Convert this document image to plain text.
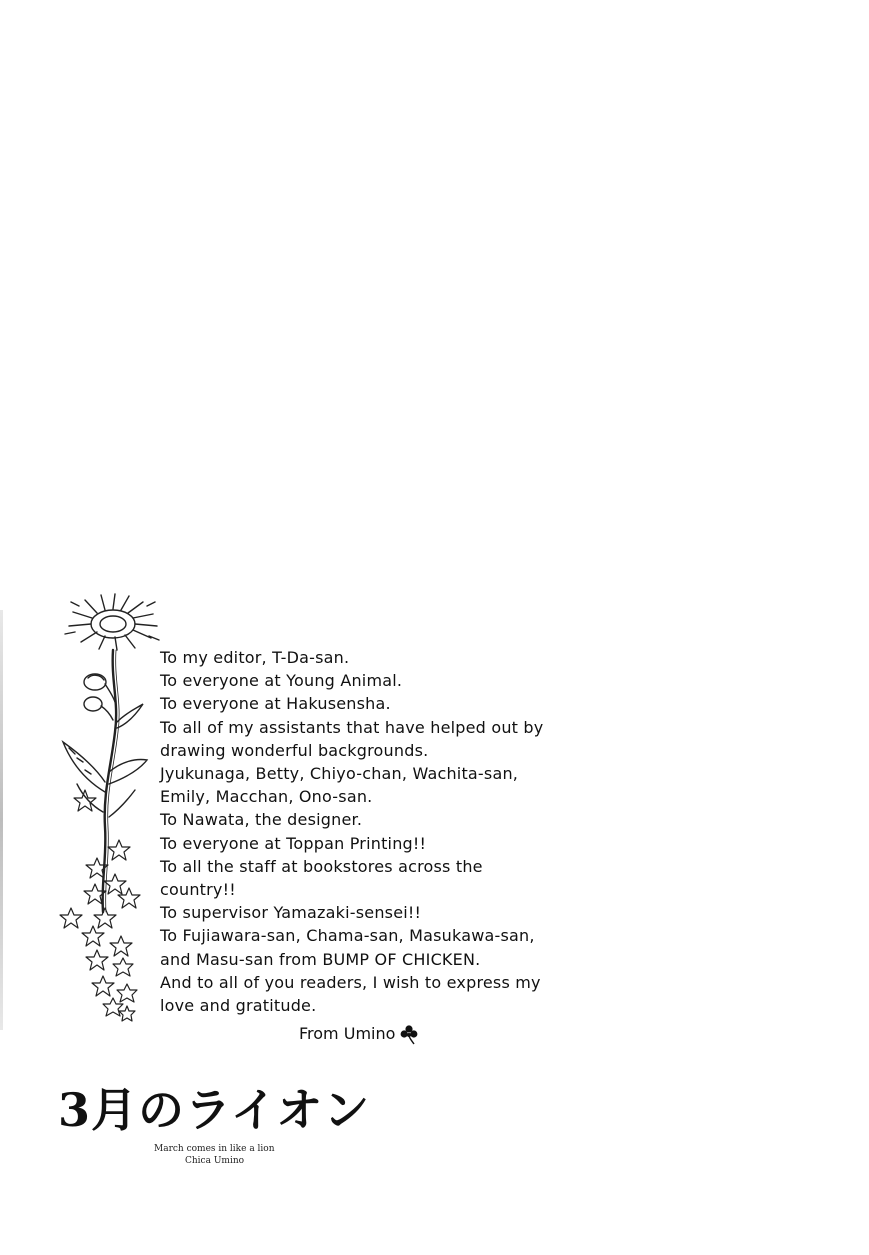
To my editor, T-Da-san.
To everyone at Young Animal.
To everyone at Hakusensha.
To all of my assistants that have helped out by
drawing wonderful backgrounds.
Jyukunaga, Betty, Chiyo-chan, Wachita-san,
Emily, Macchan, Ono-san.
To Nawata, the designer.
To everyone at Toppan Printing!!
To all the staff at bookstores across the
country!!
To supervisor Yamazaki-sensei!!
To Fujiawara-san, Chama-san, Masukawa-san,
and Masu-san from BUMP OF CHICKEN.
And to all of you readers, I wish to express my
love and gratitude.
From Umino
3月のライオン
March comes in like a lion
Chica Umino
